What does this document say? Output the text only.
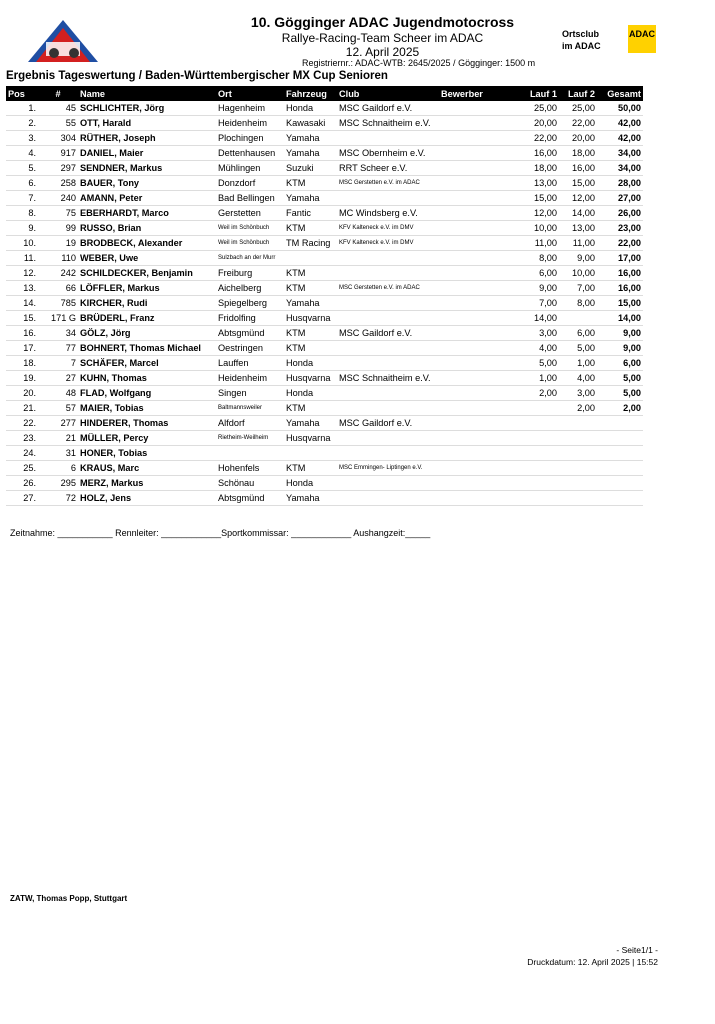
10. Gögginger ADAC Jugendmotocross
Rallye-Racing-Team Scheer im ADAC
12. April 2025
Registriernr.: ADAC-WTB: 2645/2025 / Gögginger: 1500 m
Ortsclub
im ADAC
ADAC
Ergebnis Tageswertung / Baden-Württembergischer MX Cup Senioren
Pos	#	Name	Ort	Fahrzeug	Club	Bewerber	Lauf 1	Lauf 2	Gesamt
1.	45	SCHLICHTER, Jörg	Hagenheim	Honda	MSC Gaildorf e.V.		25,00	25,00	50,00
2.	55	OTT, Harald	Heidenheim	Kawasaki	MSC Schnaitheim e.V.		20,00	22,00	42,00
3.	304	RÜTHER, Joseph	Plochingen	Yamaha			22,00	20,00	42,00
4.	917	DANIEL, Maier	Dettenhausen	Yamaha	MSC Obernheim e.V.		16,00	18,00	34,00
5.	297	SENDNER, Markus	Mühlingen	Suzuki	RRT Scheer e.V.		18,00	16,00	34,00
6.	258	BAUER, Tony	Donzdorf	KTM	MSC Gerstetten e.V. im ADAC		13,00	15,00	28,00
7.	240	AMANN, Peter	Bad Bellingen	Yamaha			15,00	12,00	27,00
8.	75	EBERHARDT, Marco	Gerstetten	Fantic	MC Windsberg e.V.		12,00	14,00	26,00
9.	99	RUSSO, Brian	Weil im Schönbuch	KTM	KFV Kalteneck e.V. im DMV		10,00	13,00	23,00
10.	19	BRODBECK, Alexander	Weil im Schönbuch	TM Racing	KFV Kalteneck e.V. im DMV		11,00	11,00	22,00
11.	110	WEBER, Uwe	Sulzbach an der Murr				8,00	9,00	17,00
12.	242	SCHILDECKER, Benjamin	Freiburg	KTM			6,00	10,00	16,00
13.	66	LÖFFLER, Markus	Aichelberg	KTM	MSC Gerstetten e.V. im ADAC		9,00	7,00	16,00
14.	785	KIRCHER, Rudi	Spiegelberg	Yamaha			7,00	8,00	15,00
15.	171 G	BRÜDERL, Franz	Fridolfing	Husqvarna			14,00		14,00
16.	34	GÖLZ, Jörg	Abtsgmünd	KTM	MSC Gaildorf e.V.		3,00	6,00	9,00
17.	77	BOHNERT, Thomas Michael	Oestringen	KTM			4,00	5,00	9,00
18.	7	SCHÄFER, Marcel	Lauffen	Honda			5,00	1,00	6,00
19.	27	KUHN, Thomas	Heidenheim	Husqvarna	MSC Schnaitheim e.V.		1,00	4,00	5,00
20.	48	FLAD, Wolfgang	Singen	Honda			2,00	3,00	5,00
21.	57	MAIER, Tobias	Baltmannsweiler	KTM				2,00	2,00
22.	277	HINDERER, Thomas	Alfdorf	Yamaha	MSC Gaildorf e.V.				
23.	21	MÜLLER, Percy	Rietheim-Weilheim	Husqvarna					
24.	31	HONER, Tobias							
25.	6	KRAUS, Marc	Hohenfels	KTM	MSC Emmingen- Liptingen e.V.				
26.	295	MERZ, Markus	Schönau	Honda					
27.	72	HOLZ, Jens	Abtsgmünd	Yamaha					
Zeitnahme: ___________ Rennleiter: ____________Sportkommissar: ____________ Aushangzeit:_____
ZATW, Thomas Popp, Stuttgart
- Seite1/1 -
Druckdatum: 12. April 2025 | 15:52
